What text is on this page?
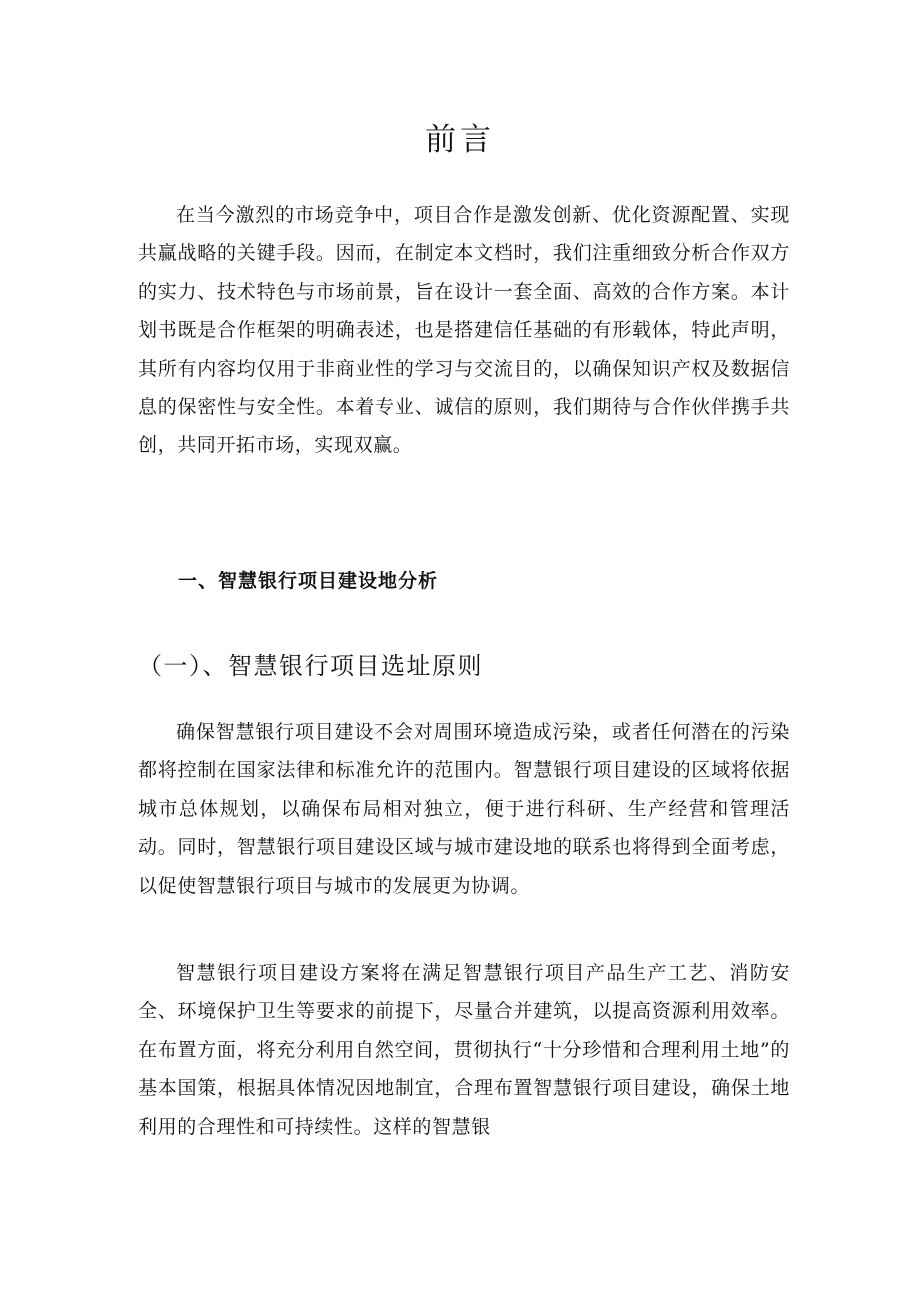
前言

在当今激烈的市场竞争中，项目合作是激发创新、优化资源配置、实现共赢战略的关键手段。因而，在制定本文档时，我们注重细致分析合作双方的实力、技术特色与市场前景，旨在设计一套全面、高效的合作方案。本计划书既是合作框架的明确表述，也是搭建信任基础的有形载体，特此声明，其所有内容均仅用于非商业性的学习与交流目的，以确保知识产权及数据信息的保密性与安全性。本着专业、诚信的原则，我们期待与合作伙伴携手共创，共同开拓市场，实现双赢。

一、智慧银行项目建设地分析
（一）、智慧银行项目选址原则

确保智慧银行项目建设不会对周围环境造成污染，或者任何潜在的污染都将控制在国家法律和标准允许的范围内。智慧银行项目建设的区域将依据城市总体规划，以确保布局相对独立，便于进行科研、生产经营和管理活动。同时，智慧银行项目建设区域与城市建设地的联系也将得到全面考虑，以促使智慧银行项目与城市的发展更为协调。

智慧银行项目建设方案将在满足智慧银行项目产品生产工艺、消防安全、环境保护卫生等要求的前提下，尽量合并建筑，以提高资源利用效率。在布置方面，将充分利用自然空间，贯彻执行“十分珍惜和合理利用土地”的基本国策，根据具体情况因地制宜，合理布置智慧银行项目建设，确保土地利用的合理性和可持续性。这样的智慧银
